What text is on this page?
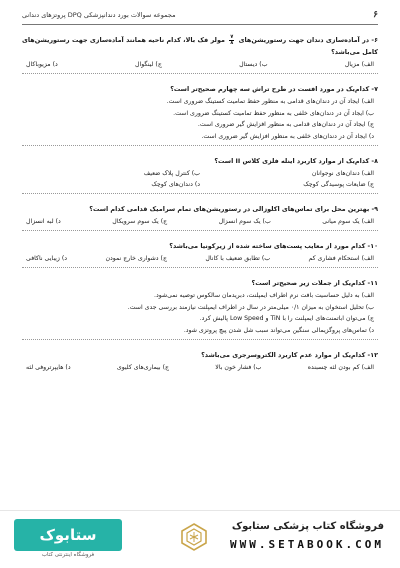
۶
مجموعه سوالات بورد دندانپزشکی DPQ پروتزهای دندانی
۶- در آماده‌سازی دندان جهت رستوریشن‌های
$\frac{۷}{۸}$
مولر فک بالا، کدام ناحیه همانند آماده‌سازی جهت رستوریشن‌های کامل می‌باشد؟
الف) مزیال
ب) دیستال
ج) لینگوال
د) مزیوباکال
۷- کدام‌یک در مورد افست در طرح تراش سه چهارم صحیح‌تر است؟
الف) ایجاد آن در دندان‌های قدامی به منظور حفظ تمامیت کستینگ ضروری است.
ب) ایجاد آن در دندان‌های خلفی به منظور حفظ تمامیت کستینگ ضروری است.
ج) ایجاد آن در دندان‌های قدامی به منظور افزایش گیر ضروری است.
د) ایجاد آن در دندان‌های خلفی به منظور افزایش گیر ضروری است.
۸- کدام‌یک از موارد کاربرد اینله فلزی کلاس II است؟
الف) دندان‌های نوجوانان
ب) کنترل پلاک ضعیف
ج) ضایعات پوسیدگی کوچک
د) دندان‌های کوچک
۹- بهترین محل برای تماس‌های اکلوزالی در رستوریشن‌های تمام سرامیک قدامی کدام است؟
الف) یک سوم میانی
ب) یک سوم انسزال
ج) یک سوم سرویکال
د) لبه انسزال
۱۰- کدام مورد از معایب پست‌های ساخته شده از زیرکونیا می‌باشد؟
الف) استحکام فشاری کم
ب) تطابق ضعیف با کانال
ج) دشواری خارج نمودن
د) زیبایی ناکافی
۱۱- کدام‌یک از جملات زیر صحیح‌تر است؟
الف) به دلیل حساسیت بافت نرم اطراف ایمپلنت، دبریدمان سالکوس توصیه نمی‌شود.
ب) تحلیل استخوان به میزان ۰/۱ میلی‌متر در سال در اطراف ایمپلنت نیازمند بررسی جدی است.
ج) می‌توان اباتمنت‌های ایمپلنت را با TiN و Low Speed پالیش کرد.
د) تماس‌های پروگزیمالی سنگین می‌تواند سبب شل شدن پیچ پروتزی شود.
۱۲- کدام‌یک از موارد عدم کاربرد الکتروسرجری می‌باشد؟
الف) کم بودن لثه چسبنده
ب) فشار خون بالا
ج) بیماری‌های کلیوی
د) هایپرتروفی لثه
ستابوک
فروشگاه اینترنتی کتاب
فروشگاه کتاب پزشکی ستابوک
WWW.SETABOOK.COM
